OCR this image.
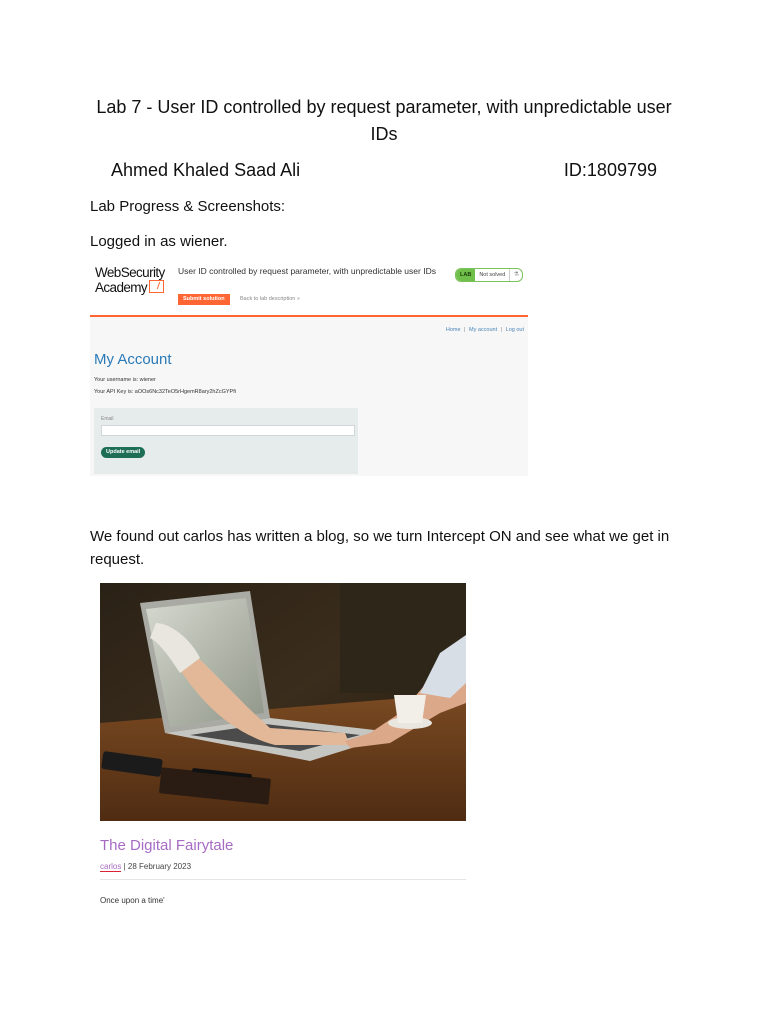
Lab 7 - User ID controlled by request parameter, with unpredictable user IDs
Ahmed Khaled Saad Ali	ID:1809799
Lab Progress & Screenshots:
Logged in as wiener.
WebSecurity
Academy
User ID controlled by request parameter, with unpredictable user IDs
Submit solution	Back to lab description »
LAB	Not solved	⚗
Home | My account | Log out
My Account
Your username is: wiener
Your API Key is: aOOs6Nc32TeO5rHgemR8ary2hZcGYPfi
Email
Update email
We found out carlos has written a blog, so we turn Intercept ON and see what we get in request.
The Digital Fairytale
carlos | 28 February 2023
Once upon a time'
